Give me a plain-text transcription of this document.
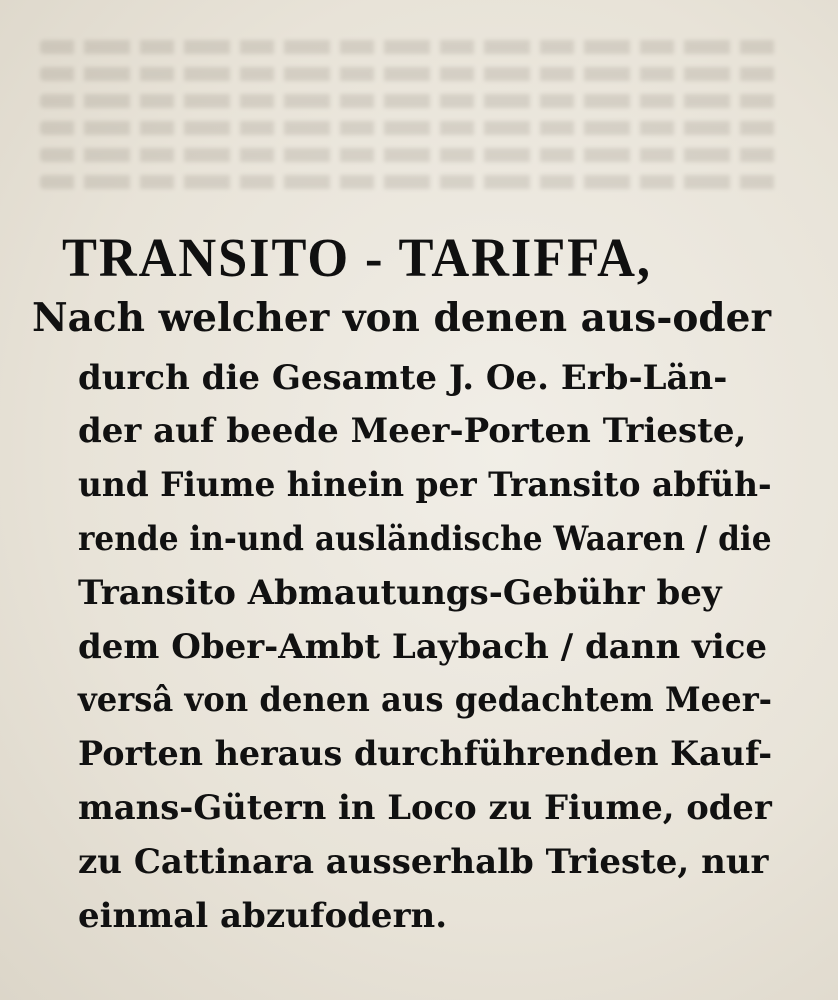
TRANSITO - TARIFFA,
Nach welcher von denen aus-oder
durch die Gesamte J. Oe. Erb-Län-
der auf beede Meer-Porten Trieste,
und Fiume hinein per Transito abfüh-
rende in-und ausländische Waaren / die
Transito Abmautungs-Gebühr bey
dem Ober-Ambt Laybach / dann vice
versâ von denen aus gedachtem Meer-
Porten heraus durchführenden Kauf-
mans-Gütern in Loco zu Fiume, oder
zu Cattinara ausserhalb Trieste, nur
einmal abzufodern.
